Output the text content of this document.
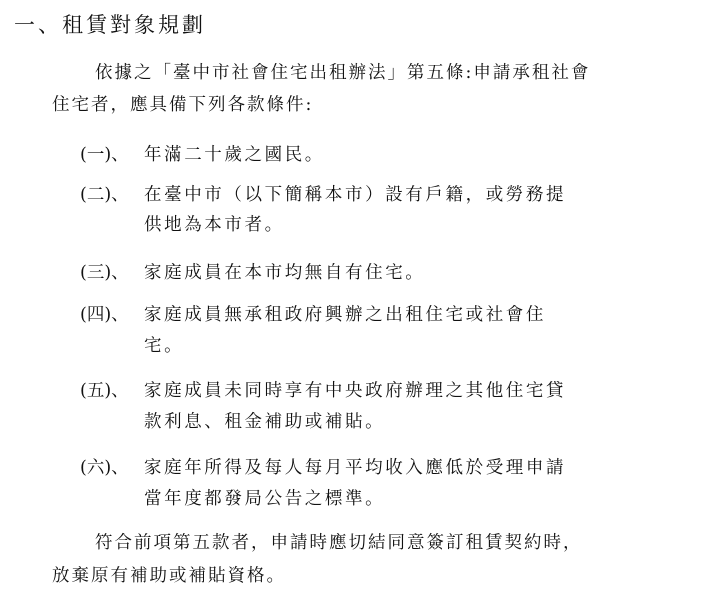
一、租賃對象規劃
依據之「臺中市社會住宅出租辦法」第五條:申請承租社會
住宅者，應具備下列各款條件:
(一)、 年滿二十歲之國民。
(二)、 在臺中市（以下簡稱本市）設有戶籍，或勞務提
供地為本市者。
(三)、 家庭成員在本市均無自有住宅。
(四)、 家庭成員無承租政府興辦之出租住宅或社會住
宅。
(五)、 家庭成員未同時享有中央政府辦理之其他住宅貸
款利息、租金補助或補貼。
(六)、 家庭年所得及每人每月平均收入應低於受理申請
當年度都發局公告之標準。
符合前項第五款者，申請時應切結同意簽訂租賃契約時，
放棄原有補助或補貼資格。
